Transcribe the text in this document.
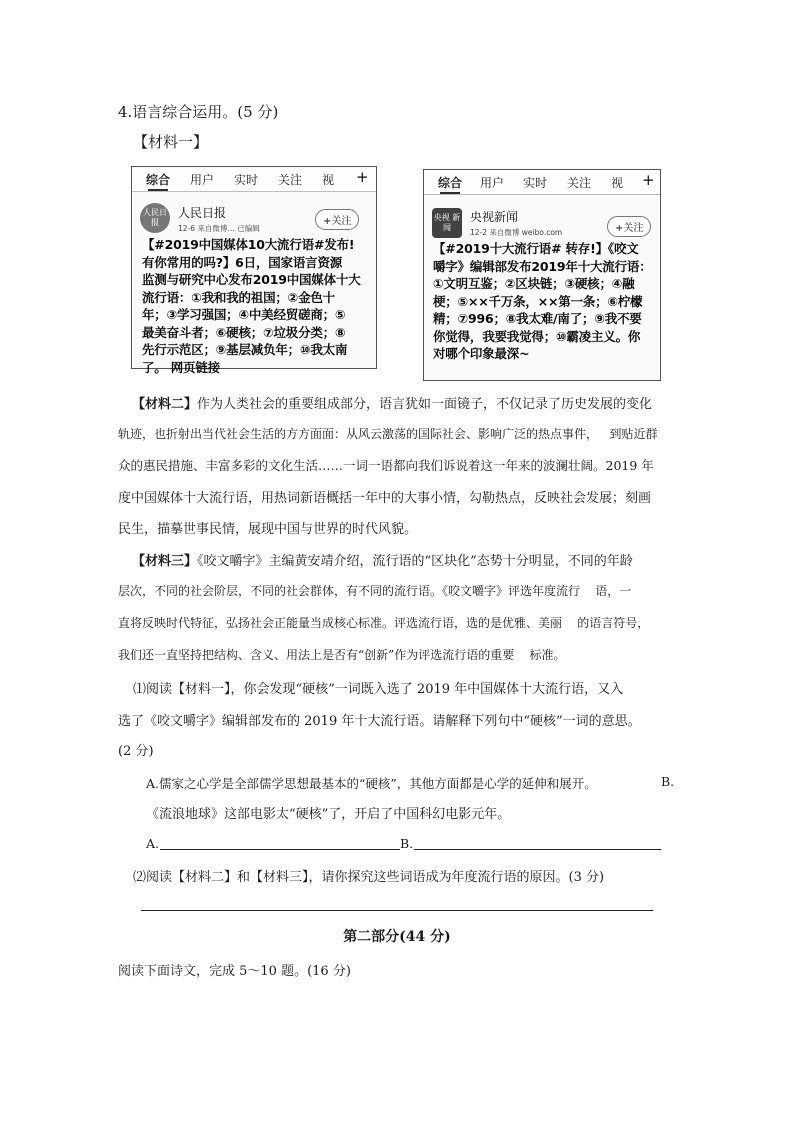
4.语言综合运用。(5 分)
【材料一】
综合 用户 实时 关注 视 +
人民日报
人民日报
12-6 来自微博… 已编辑
+关注
【#2019中国媒体10大流行语#发布!
有你常用的吗?】6日，国家语言资源
监测与研究中心发布2019中国媒体十大
流行语：①我和我的祖国；②金色十
年；③学习强国；④中美经贸磋商；⑤
最美奋斗者；⑥硬核；⑦垃圾分类；⑧
先行示范区；⑨基层减负年；⑩我太南
了。 网页链接
综合 用户 实时 关注 视 +
央视 新闻
央视新闻
12-2 来自微博 weibo.com	+关注
【#2019十大流行语# 转存!】《咬文
嚼字》编辑部发布2019年十大流行语：
①文明互鉴；②区块链；③硬核；④融
梗；⑤××千万条，××第一条；⑥柠檬
精；⑦996；⑧我太难/南了；⑨我不要
你觉得，我要我觉得；⑩霸凌主义。你
对哪个印象最深~
【材料二】作为人类社会的重要组成部分，语言犹如一面镜子，不仅记录了历史发展的变化
轨迹，也折射出当代社会生活的方方面面：从风云激荡的国际社会、影响广泛的热点事件，   到贴近群
众的惠民措施、丰富多彩的文化生活……一词一语都向我们诉说着这一年来的波澜壮阔。2019 年
度中国媒体十大流行语，用热词新语概括一年中的大事小情，勾勒热点，反映社会发展；刻画
民生，描摹世事民情，展现中国与世界的时代风貌。
【材料三】《咬文嚼字》主编黄安靖介绍，流行语的“区块化”态势十分明显，不同的年龄
层次，不同的社会阶层，不同的社会群体，有不同的流行语。《咬文嚼字》评选年度流行    语，一
直将反映时代特征，弘扬社会正能量当成核心标准。评选流行语，选的是优雅、美丽    的语言符号，
我们还一直坚持把结构、含义、用法上是否有“创新”作为评选流行语的重要    标准。
⑴阅读【材料一】，你会发现“硬核”一词既入选了 2019 年中国媒体十大流行语，又入
选了《咬文嚼字》编辑部发布的 2019 年十大流行语。请解释下列句中“硬核”一词的意思。
(2 分)
A.儒家之心学是全部儒学思想最基本的“硬核”，其他方面都是心学的延伸和展开。	B.
《流浪地球》这部电影太“硬核”了，开启了中国科幻电影元年。
A.	B.
⑵阅读【材料二】和【材料三】，请你探究这些词语成为年度流行语的原因。(3 分)
第二部分(44 分)
阅读下面诗文，完成 5～10 题。(16 分)
